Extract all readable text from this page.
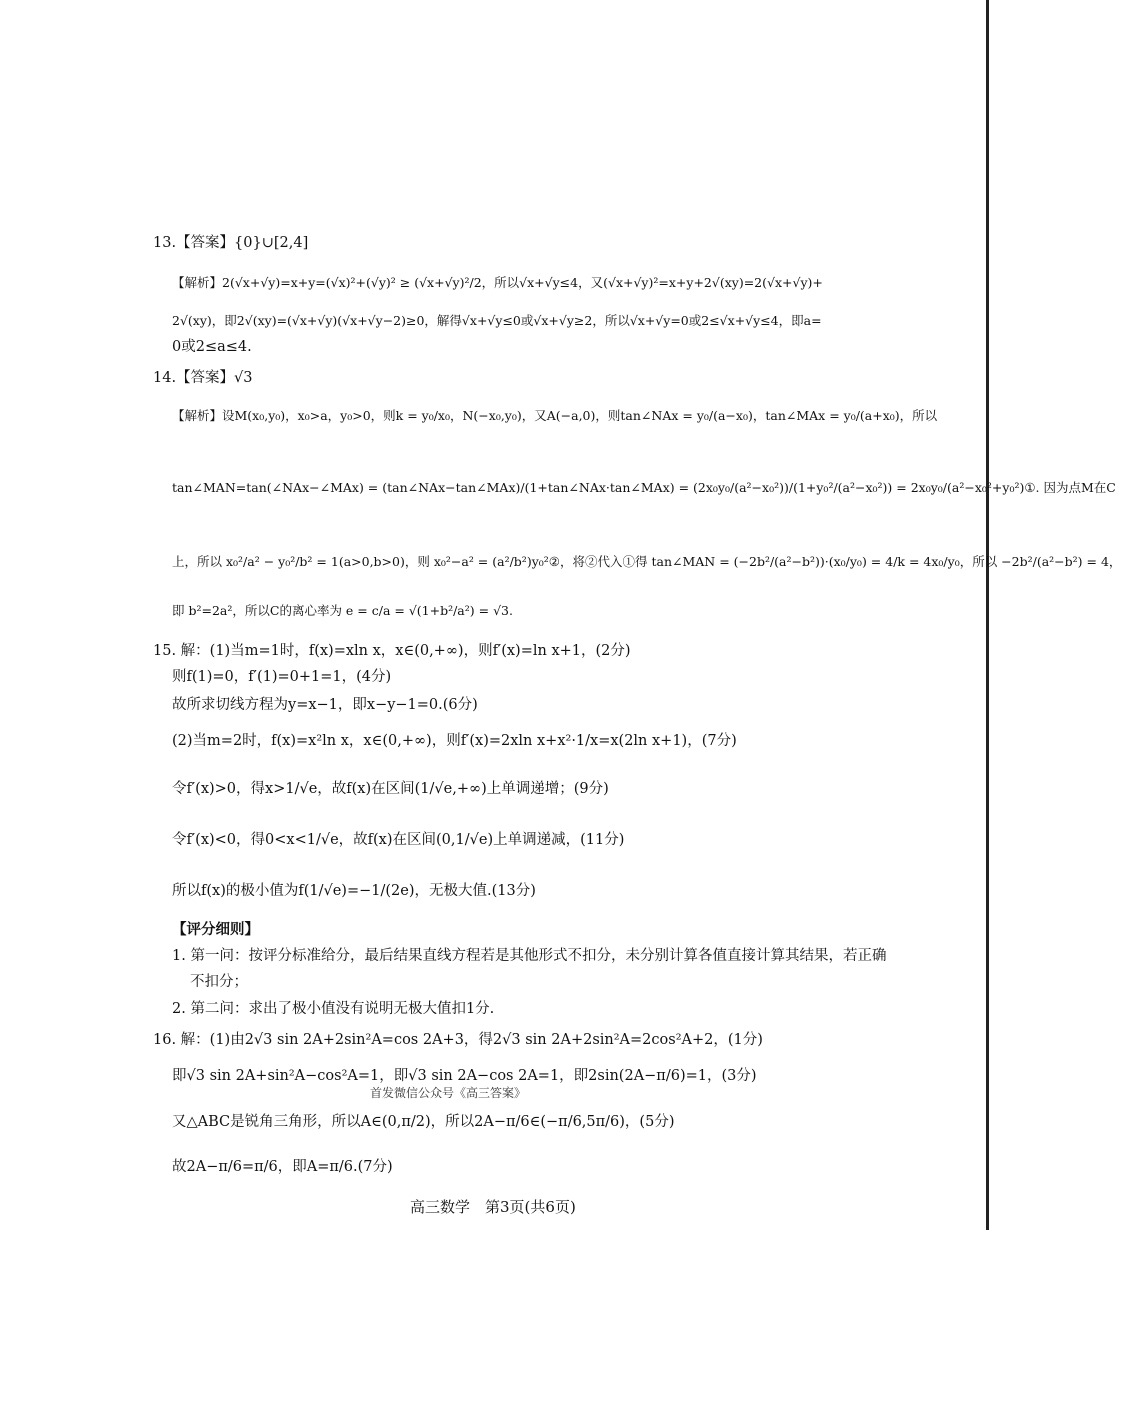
13.【答案】{0}∪[2,4]
【解析】2(√x+√y)=x+y=(√x)²+(√y)² ≥ (√x+√y)²/2，所以√x+√y≤4，又(√x+√y)²=x+y+2√(xy)=2(√x+√y)+
2√(xy)，即2√(xy)=(√x+√y)(√x+√y−2)≥0，解得√x+√y≤0或√x+√y≥2，所以√x+√y=0或2≤√x+√y≤4，即a=
0或2≤a≤4.
14.【答案】√3
【解析】设M(x₀,y₀)，x₀>a，y₀>0，则k = y₀/x₀，N(−x₀,y₀)，又A(−a,0)，则tan∠NAx = y₀/(a−x₀)，tan∠MAx = y₀/(a+x₀)，所以
tan∠MAN=tan(∠NAx−∠MAx) = (tan∠NAx−tan∠MAx)/(1+tan∠NAx·tan∠MAx) = (2x₀y₀/(a²−x₀²))/(1+y₀²/(a²−x₀²)) = 2x₀y₀/(a²−x₀²+y₀²)①. 因为点M在C
上，所以 x₀²/a² − y₀²/b² = 1(a>0,b>0)，则 x₀²−a² = (a²/b²)y₀²②，将②代入①得 tan∠MAN = (−2b²/(a²−b²))·(x₀/y₀) = 4/k = 4x₀/y₀，所以 −2b²/(a²−b²) = 4，
即 b²=2a²，所以C的离心率为 e = c/a = √(1+b²/a²) = √3.
15. 解：(1)当m=1时，f(x)=xln x，x∈(0,+∞)，则f′(x)=ln x+1，(2分)
则f(1)=0，f′(1)=0+1=1，(4分)
故所求切线方程为y=x−1，即x−y−1=0.(6分)
(2)当m=2时，f(x)=x²ln x，x∈(0,+∞)，则f′(x)=2xln x+x²·1/x=x(2ln x+1)，(7分)
令f′(x)>0，得x>1/√e，故f(x)在区间(1/√e,+∞)上单调递增；(9分)
令f′(x)<0，得0<x<1/√e，故f(x)在区间(0,1/√e)上单调递减，(11分)
所以f(x)的极小值为f(1/√e)=−1/(2e)，无极大值.(13分)
【评分细则】
1. 第一问：按评分标准给分，最后结果直线方程若是其他形式不扣分，未分别计算各值直接计算其结果，若正确
不扣分；
2. 第二问：求出了极小值没有说明无极大值扣1分.
16. 解：(1)由2√3 sin 2A+2sin²A=cos 2A+3，得2√3 sin 2A+2sin²A=2cos²A+2，(1分)
即√3 sin 2A+sin²A−cos²A=1，即√3 sin 2A−cos 2A=1，即2sin(2A−π/6)=1，(3分)
首发微信公众号《高三答案》
又△ABC是锐角三角形，所以A∈(0,π/2)，所以2A−π/6∈(−π/6,5π/6)，(5分)
故2A−π/6=π/6，即A=π/6.(7分)
高三数学　第3页(共6页)
